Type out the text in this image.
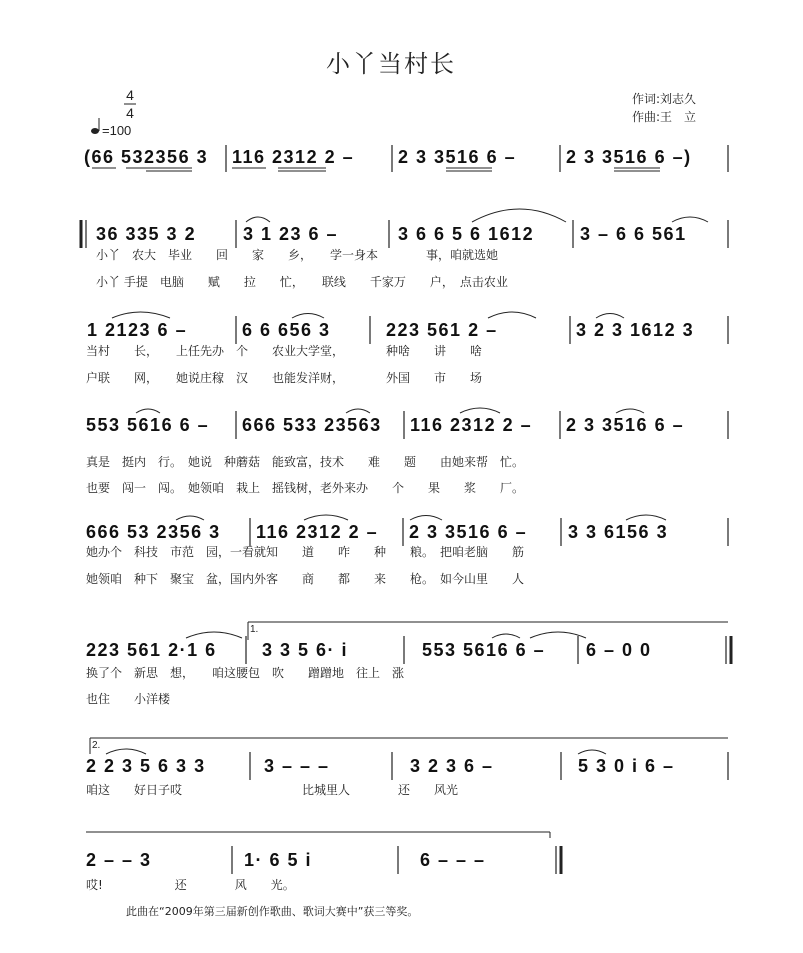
小丫当村长
作词:刘志久
作曲:王　立
4
4
=100
(66 532356 3 116 2312 2 – 2 3 3516 6 –	2 3 3516 6 –)
36 335 3 2	3 1 23 6 –	3 6 6 5 6 1612	3 – 6 6 561
小丫　农大　毕业　　回　　家　　乡，　　学一身本　　　　事，咱就选她
小丫 手提　电脑　　赋　　拉　　忙，　　联线　　千家万　　户，　点击农业
1 2123 6 –	6 6 656 3	223 561 2 –	3 2 3 1612 3
当村　　长，　　上任先办　个　　农业大学堂，　　　　种啥　　讲　　啥
户联　　网，　　她说庄稼　汉　　也能发洋财，　　　　外国　　市　　场
553 5616 6 – 666 533 23563 116 2312 2 – 2 3 3516 6 –
真是　挺内　行。　她说　种蘑菇　能致富，技术　　难　　题　　由她来帮　忙。
也要　闯一　闯。　她领咱　栽上　摇钱树，老外来办　　个　　果　　浆　　厂。
666 53 2356 3 116 2312 2 – 2 3 3516 6 – 3 3 6156 3
她办个　科技　市范　园，一看就知　　道　　咋　　种　　粮。　把咱老脑　　筋
她领咱　种下　聚宝　盆，国内外客　　商　　都　　来　　枪。　如今山里　　人
1.
223 561 2·1 6	3 3 5 6· i	553 5616 6 – 6 – 0 0
换了个　新思　想，　　咱这腰包　吹　　蹭蹭地　往上　涨
也住　　小洋楼
2.
2 2 3 5 6 3 3	3 – – –	3 2 3 6 –	5 3 0 i 6 –
咱这　　好日子哎　　　　　　　　　　比城里人　　　　还　　风光
2 – – 3	1· 6 5 i	6 – – –
哎!　　　　　　还　　　　风　　光。
此曲在“2009年第三届新创作歌曲、歌词大赛中”获三等奖。
